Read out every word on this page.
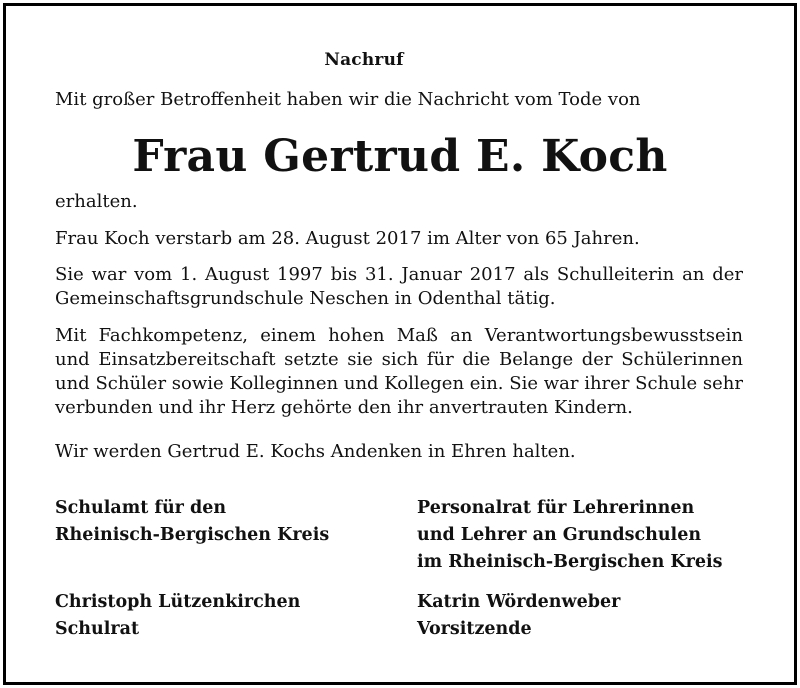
Nachruf
Mit großer Betroffenheit haben wir die Nachricht vom Tode von
Frau Gertrud E. Koch
erhalten.
Frau Koch verstarb am 28. August 2017 im Alter von 65 Jahren.
Sie war vom 1. August 1997 bis 31. Januar 2017 als Schulleiterin an der Gemeinschaftsgrundschule Neschen in Odenthal tätig.
Mit Fachkompetenz, einem hohen Maß an Verantwortungsbewusstsein und Einsatzbereitschaft setzte sie sich für die Belange der Schülerinnen und Schüler sowie Kolleginnen und Kollegen ein. Sie war ihrer Schule sehr verbunden und ihr Herz gehörte den ihr anvertrauten Kindern.
Wir werden Gertrud E. Kochs Andenken in Ehren halten.
Schulamt für den
Rheinisch-Bergischen Kreis
Personalrat für Lehrerinnen
und Lehrer an Grundschulen
im Rheinisch-Bergischen Kreis
Christoph Lützenkirchen
Schulrat
Katrin Wördenweber
Vorsitzende
